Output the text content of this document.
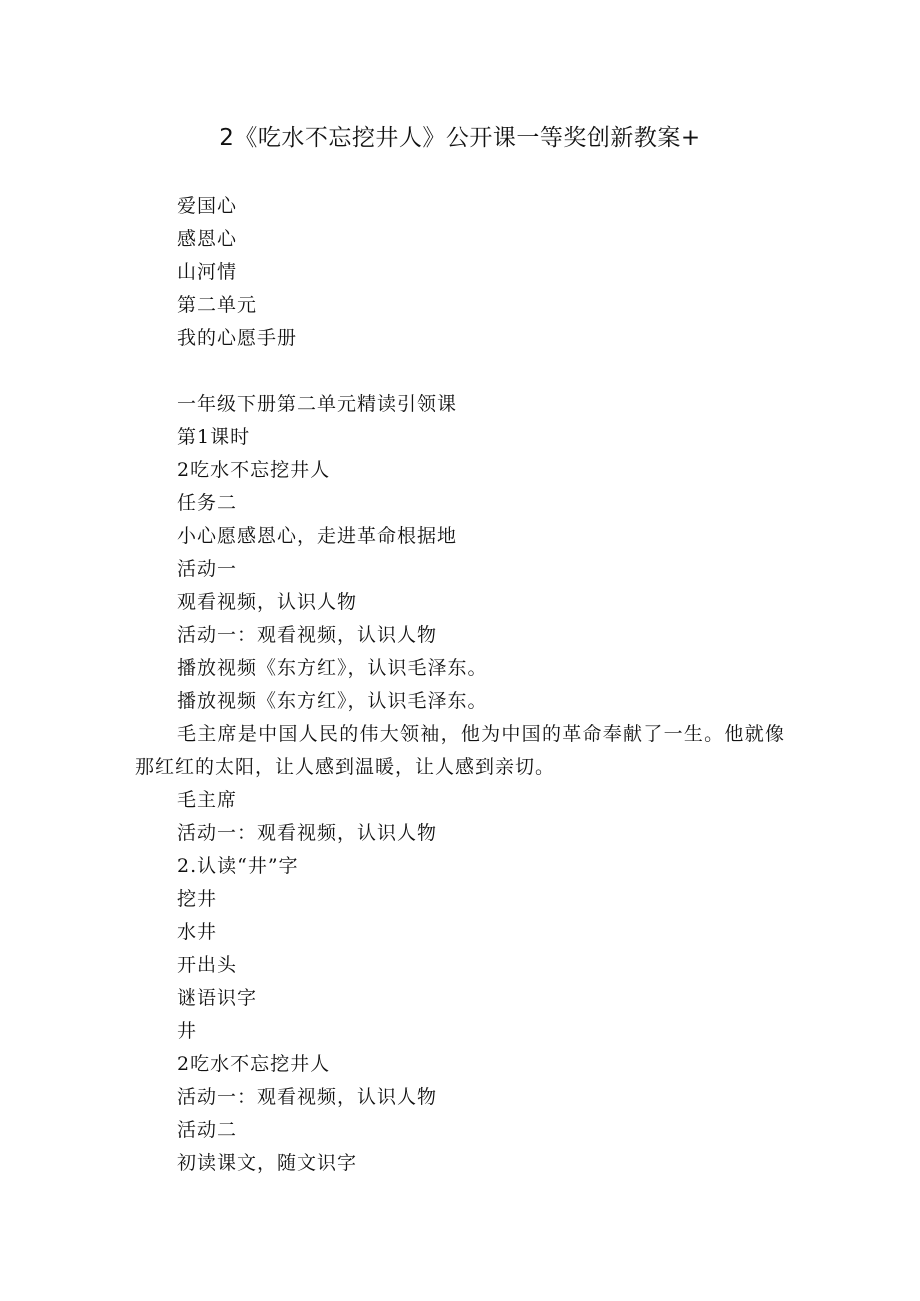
2《吃水不忘挖井人》公开课一等奖创新教案+
爱国心
感恩心
山河情
第二单元
我的心愿手册
一年级下册第二单元精读引领课
第1课时
2吃水不忘挖井人
任务二
小心愿感恩心，走进革命根据地
活动一
观看视频，认识人物
活动一：观看视频，认识人物
播放视频《东方红》，认识毛泽东。
播放视频《东方红》，认识毛泽东。
毛主席是中国人民的伟大领袖，他为中国的革命奉献了一生。他就像那红红的太阳，让人感到温暖，让人感到亲切。
毛主席
活动一：观看视频，认识人物
2.认读“井”字
挖井
水井
开出头
谜语识字
井
2吃水不忘挖井人
活动一：观看视频，认识人物
活动二
初读课文，随文识字
